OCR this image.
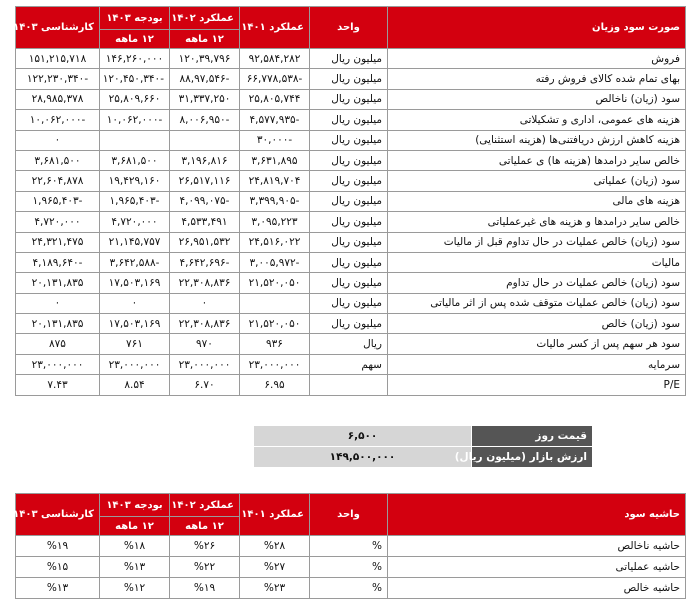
صورت سود وزیان	واحد	عملکرد ۱۴۰۱	عملکرد ۱۴۰۲	بودجه ۱۴۰۳	کارشناسی ۱۴۰۳
			۱۲ ماهه	۱۲ ماهه	
فروش	میلیون ریال	۹۲,۵۸۴,۲۸۲	۱۲۰,۳۹,۷۹۶	۱۴۶,۲۶۰,۰۰۰	۱۵۱,۲۱۵,۷۱۸
بهای تمام شده کالای فروش رفته	میلیون ریال	-۶۶,۷۷۸,۵۳۸	-۸۸,۹۷,۵۴۶	-۱۲۰,۴۵۰,۳۴۰	-۱۲۲,۲۳۰,۳۴۰
سود (زیان) ناخالص	میلیون ریال	۲۵,۸۰۵,۷۴۴	۳۱,۳۳۷,۲۵۰	۲۵,۸۰۹,۶۶۰	۲۸,۹۸۵,۳۷۸
هزینه های عمومی، اداری و تشکیلاتی	میلیون ریال	-۴,۵۷۷,۹۳۵	-۸,۰۰۶,۹۵۰	-۱۰,۰۶۲,۰۰۰	-۱۰,۰۶۲,۰۰۰
هزینه کاهش ارزش دریافتنی‌ها (هزینه استثنایی)	میلیون ریال	-۳۰,۰۰۰			۰
خالص سایر درامدها (هزینه ها) ی عملیاتی	میلیون ریال	۳,۶۳۱,۸۹۵	۳,۱۹۶,۸۱۶	۳,۶۸۱,۵۰۰	۳,۶۸۱,۵۰۰
سود (زیان) عملیاتی	میلیون ریال	۲۴,۸۱۹,۷۰۴	۲۶,۵۱۷,۱۱۶	۱۹,۴۲۹,۱۶۰	۲۲,۶۰۴,۸۷۸
هزینه های مالی	میلیون ریال	-۳,۳۹۹,۹۰۵	-۴,۰۹۹,۰۷۵	-۱,۹۶۵,۴۰۳	-۱,۹۶۵,۴۰۳
خالص سایر درامدها و هزینه های غیرعملیاتی	میلیون ریال	۳,۰۹۵,۲۲۳	۴,۵۳۳,۴۹۱	۴,۷۲۰,۰۰۰	۴,۷۲۰,۰۰۰
سود (زیان) خالص عملیات در حال تداوم قبل از مالیات	میلیون ریال	۲۴,۵۱۶,۰۲۲	۲۶,۹۵۱,۵۳۲	۲۱,۱۴۵,۷۵۷	۲۴,۳۲۱,۴۷۵
مالیات	میلیون ریال	-۳,۰۰۵,۹۷۲	-۴,۶۴۲,۶۹۶	-۳,۶۴۲,۵۸۸	-۴,۱۸۹,۶۴۰
سود (زیان) خالص عملیات در حال تداوم	میلیون ریال	۲۱,۵۲۰,۰۵۰	۲۲,۳۰۸,۸۳۶	۱۷,۵۰۳,۱۶۹	۲۰,۱۳۱,۸۳۵
سود (زیان) خالص عملیات متوقف شده پس از اثر مالیاتی	میلیون ریال		۰	۰	۰
سود (زیان) خالص	میلیون ریال	۲۱,۵۲۰,۰۵۰	۲۲,۳۰۸,۸۳۶	۱۷,۵۰۳,۱۶۹	۲۰,۱۳۱,۸۳۵
سود هر سهم پس از کسر مالیات	ریال	۹۳۶	۹۷۰	۷۶۱	۸۷۵
سرمایه	سهم	۲۳,۰۰۰,۰۰۰	۲۳,۰۰۰,۰۰۰	۲۳,۰۰۰,۰۰۰	۲۳,۰۰۰,۰۰۰
P/E		۶.۹۵	۶.۷۰	۸.۵۴	۷.۴۳
قیمت روز	۶,۵۰۰
ارزش بازار (میلیون ریال)	۱۴۹,۵۰۰,۰۰۰
حاشیه سود	واحد	عملکرد ۱۴۰۱	عملکرد ۱۴۰۲	بودجه ۱۴۰۳	کارشناسی ۱۴۰۳
			۱۲ ماهه	۱۲ ماهه	
حاشیه ناخالص	%	%۲۸	%۲۶	%۱۸	%۱۹
حاشیه عملیاتی	%	%۲۷	%۲۲	%۱۳	%۱۵
حاشیه خالص	%	%۲۳	%۱۹	%۱۲	%۱۳
